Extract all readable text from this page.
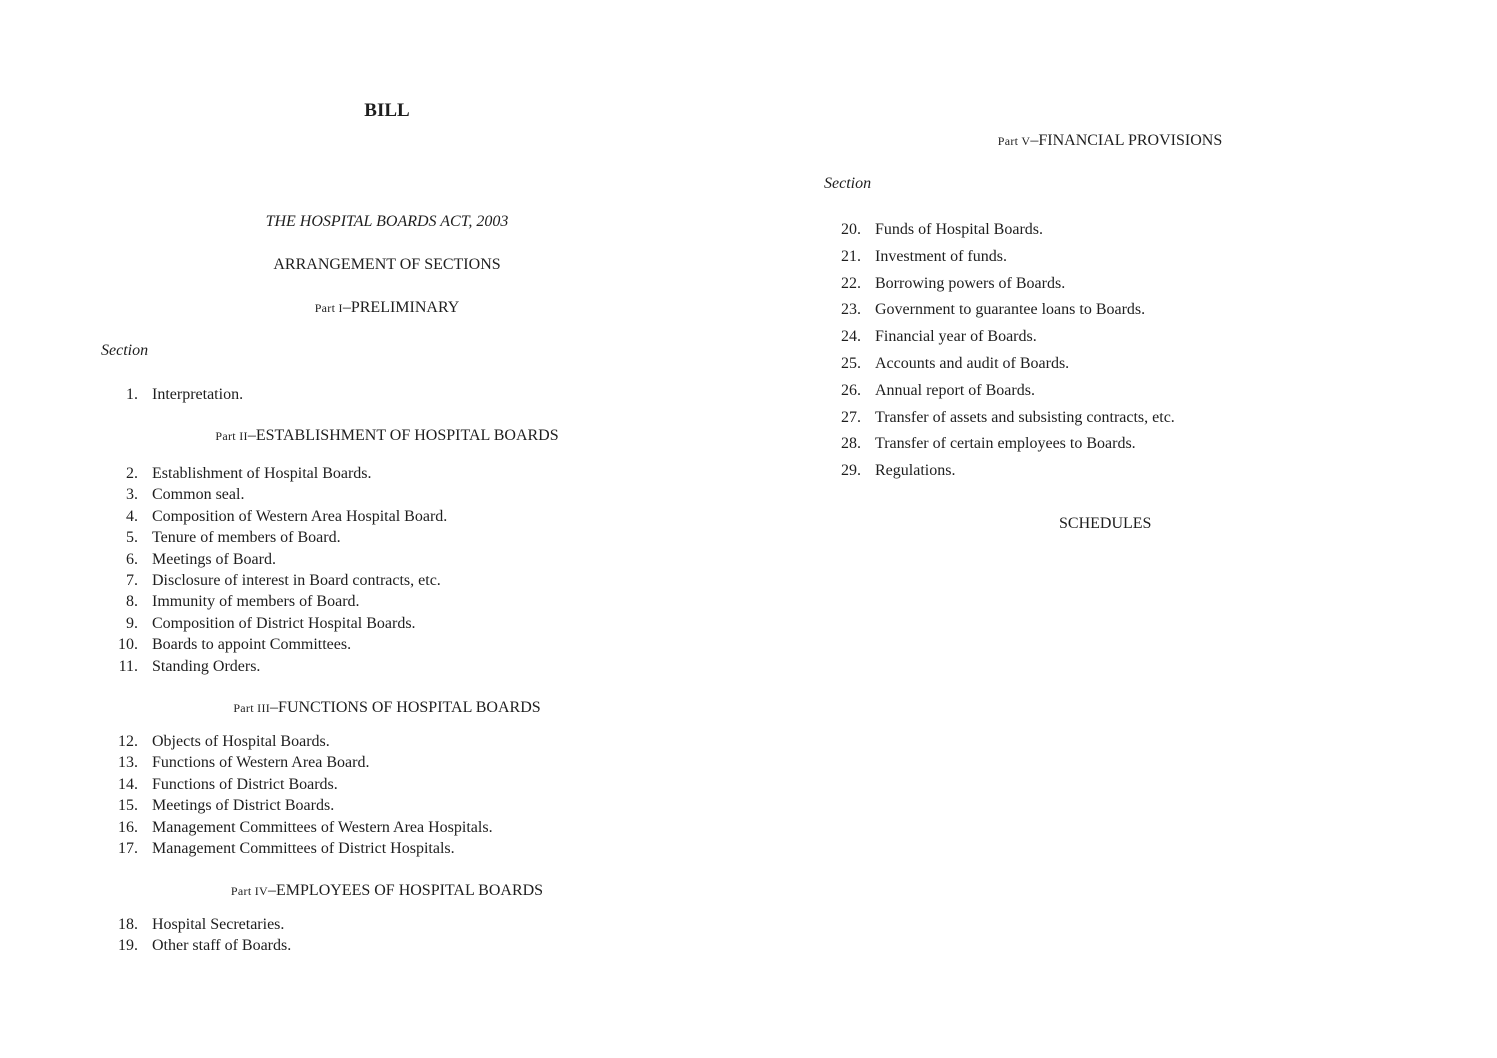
BILL
THE HOSPITAL BOARDS ACT, 2003
ARRANGEMENT OF SECTIONS
Part I–PRELIMINARY
Section
1. Interpretation.
Part II–ESTABLISHMENT OF HOSPITAL BOARDS
2. Establishment of Hospital Boards.
3. Common seal.
4. Composition of Western Area Hospital Board.
5. Tenure of members of Board.
6. Meetings of Board.
7. Disclosure of interest in Board contracts, etc.
8. Immunity of members of Board.
9. Composition of District Hospital Boards.
10. Boards to appoint Committees.
11. Standing Orders.
Part III–FUNCTIONS OF HOSPITAL BOARDS
12. Objects of Hospital Boards.
13. Functions of Western Area Board.
14. Functions of District Boards.
15. Meetings of District Boards.
16. Management Committees of Western Area Hospitals.
17. Management Committees of District Hospitals.
Part IV–EMPLOYEES OF HOSPITAL BOARDS
18. Hospital Secretaries.
19. Other staff of Boards.
Part V–FINANCIAL PROVISIONS
Section
20. Funds of Hospital Boards.
21. Investment of funds.
22. Borrowing powers of Boards.
23. Government to guarantee loans to Boards.
24. Financial year of Boards.
25. Accounts and audit of Boards.
26. Annual report of Boards.
27. Transfer of assets and subsisting contracts, etc.
28. Transfer of certain employees to Boards.
29. Regulations.
SCHEDULES
